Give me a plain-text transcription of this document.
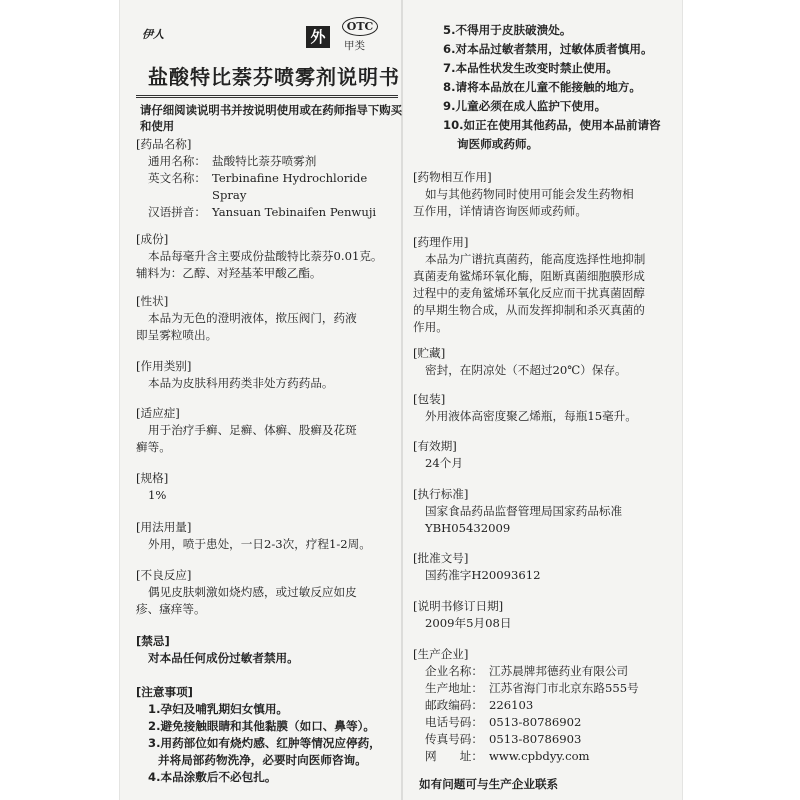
伊人	外
OTC
甲类
盐酸特比萘芬喷雾剂说明书
请仔细阅读说明书并按说明使用或在药师指导下购买和使用
[药品名称]
通用名称： 盐酸特比萘芬喷雾剂
英文名称： Terbinafine Hydrochloride
Spray
汉语拼音： Yansuan Tebinaifen Penwuji
[成份]
本品每毫升含主要成份盐酸特比萘芬0.01克。
辅料为：乙醇、对羟基苯甲酸乙酯。
[性状]
本品为无色的澄明液体，揿压阀门，药液
即呈雾粒喷出。
[作用类别]
本品为皮肤科用药类非处方药药品。
[适应症]
用于治疗手癣、足癣、体癣、股癣及花斑
癣等。
[规格]
1%
[用法用量]
外用，喷于患处，一日2-3次，疗程1-2周。
[不良反应]
偶见皮肤刺激如烧灼感，或过敏反应如皮
疹、瘙痒等。
[禁忌]
对本品任何成份过敏者禁用。
[注意事项]
1.孕妇及哺乳期妇女慎用。
2.避免接触眼睛和其他黏膜（如口、鼻等）。
3.用药部位如有烧灼感、红肿等情况应停药，
并将局部药物洗净，必要时向医师咨询。
4.本品涂敷后不必包扎。
5.不得用于皮肤破溃处。
6.对本品过敏者禁用，过敏体质者慎用。
7.本品性状发生改变时禁止使用。
8.请将本品放在儿童不能接触的地方。
9.儿童必须在成人监护下使用。
10.如正在使用其他药品，使用本品前请咨
询医师或药师。
[药物相互作用]
如与其他药物同时使用可能会发生药物相
互作用，详情请咨询医师或药师。
[药理作用]
本品为广谱抗真菌药，能高度选择性地抑制
真菌麦角鲨烯环氧化酶，阻断真菌细胞膜形成
过程中的麦角鲨烯环氧化反应而干扰真菌固醇
的早期生物合成，从而发挥抑制和杀灭真菌的
作用。
[贮藏]
密封，在阴凉处（不超过20℃）保存。
[包装]
外用液体高密度聚乙烯瓶，每瓶15毫升。
[有效期]
24个月
[执行标准]
国家食品药品监督管理局国家药品标准
YBH05432009
[批准文号]
国药准字H20093612
[说明书修订日期]
2009年5月08日
[生产企业]
企业名称： 江苏晨牌邦德药业有限公司
生产地址： 江苏省海门市北京东路555号
邮政编码： 226103
电话号码： 0513-80786902
传真号码： 0513-80786903
网　　址： www.cpbdyy.com
如有问题可与生产企业联系
